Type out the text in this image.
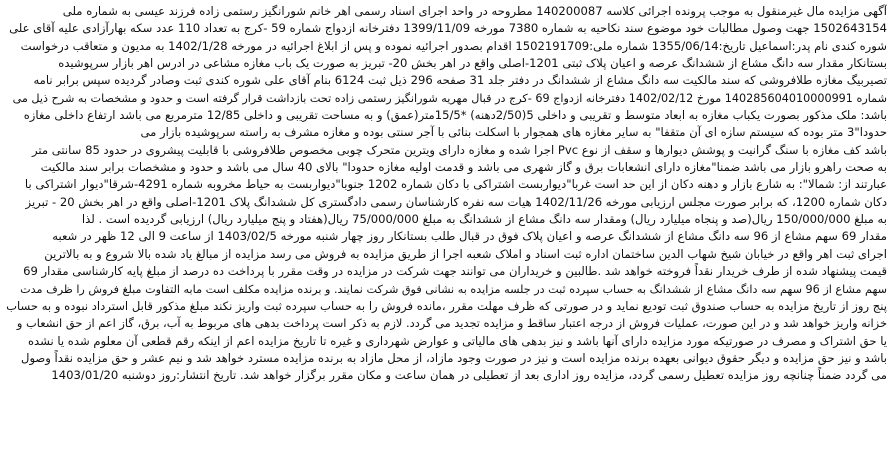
آگهی مزایده مال غیرمنقول به موجب پرونده اجرائی کلاسه 140200087 مطروحه در واحد اجرای اسناد رسمی اهر خانم شورانگیز رستمی زاده فرزند عیسی به شماره ملی
1502643154 جهت وصول مطالبات خود موضوع سند نکاحیه به شماره 7380 مورخه 1399/11/09 دفترخانه ازدواج شماره 59 -کرج به تعداد 110 عدد سکه بهارآزادی علیه آقای علی
شوره کندی نام پدر:اسماعیل تاریخ:1355/06/14 شماره ملی:1502191709 اقدام بصدور اجرائیه نموده و پس از ابلاغ اجرائیه در مورخه 1402/1/28 به مدیون و متعاقب درخواست
بستانکار مقدار سه دانگ مشاع از ششدانگ عرصه و اعیان پلاک ثبتی 1201-اصلی واقع در اهر بخش 20- تبریز به صورت یک باب مغازه مشاعی در ادرس اهر بازار سرپوشیده
تصیربیگ مغازه طلافروشی که سند مالکیت سه دانگ مشاع از ششدانگ در دفتر جلد 31 صفحه 296 ذیل ثبت 6124 بنام آقای علی شوره کندی ثبت وصادر گردیده سپس برابر نامه
شماره 140285604010000991 مورخ 1402/02/12 دفترخانه ازدواج 69 -کرج در قبال مهریه شورانگیز رستمی زاده تحت بازداشت قرار گرفته است و حدود و مشخصات به شرح ذیل می
باشد: ملک مذکور بصورت یکباب مغازه به ابعاد متوسط و تقریبی و داخلی 5(2/50دهنه) *15/5متر(عمق) و به مساحت تقریبی و داخلی 12/85 مترمربع می باشد ارتفاع داخلی مغازه
حدودا"3 متر بوده که سیستم سازه ای آن متقفا" به سایر مغازه های همجوار با اسکلت بنائی با آجر سنتی بوده و مغازه مشرف به راسته سرپوشیده بازار می
باشد کف مغازه با سنگ گرانیت و پوشش دیوارها و سقف از نوع Pvc اجرا شده و مغازه دارای ویترین متحرک چوبی مخصوص طلافروشی با قابلیت پیشروی در حدود 85 سانتی متر
به صحت راهرو بازار می باشد ضمنا"مغازه دارای انشعابات برق و گاز شهری می باشد و قدمت اولیه مغازه حدودا" بالای 40 سال می باشد و حدود و مشخصات برابر سند مالکیت
عبارتند از: شمالا": به شارع بازار و دهنه دکان از این حد است غربا"دیواربست اشتراکی با دکان شماره 1202 جنوبا"دیواربست به حیاط مخروبه شماره 4291-شرقا"دیوار اشتراکی با
دکان شماره 1200، که برابر صورت مجلس ارزیابی مورخه 1402/11/26 هیات سه نفره کارشناسان رسمی دادگستری کل ششدانگ پلاک 1201-اصلی واقع در اهر بخش 20 - تبریز
به مبلغ 150/000/000 ریال(صد و پنجاه میلیارد ریال) ومقدار سه دانگ مشاع از ششدانگ به مبلغ 75/000/000 ریال(هفتاد و پنج میلیارد ریال) ارزیابی گردیده است . لذا
مقدار 69 سهم مشاع از 96 سه دانگ مشاع از ششدانگ عرصه و اعیان پلاک فوق در قبال طلب بستانکار روز چهار شنبه مورخه 1403/02/5 از ساعت 9 الی 12 ظهر در شعبه
اجرای ثبت اهر واقع در خیابان شیخ شهاب الدین ساختمان اداره ثبت اسناد و املاک شعبه اجرا از طریق مزایده به فروش می رسد مزایده از مبالغ یاد شده بالا شروع و به بالاترین
قیمت پیشنهاد شده از طرف خریدار نقداً فروخته خواهد شد .طالبین و خریداران می توانند جهت شرکت در مزایده در وقت مقرر با پرداخت ده درصد از مبلغ پایه کارشناسی مقدار 69
سهم مشاع از 96 سهم سه دانگ مشاع از ششدانگ به حساب سپرده ثبت در جلسه مزایده به نشانی فوق شرکت نمایند. و برنده مزایده مکلف است مابه التفاوت مبلغ فروش را ظرف مدت
پنج روز از تاریخ مزایده به حساب صندوق ثبت تودیع نماید و در صورتی که ظرف مهلت مقرر ،مانده فروش را به حساب سپرده ثبت واریز نکند مبلغ مذکور قابل استرداد نبوده و به حساب
خزانه واریز خواهد شد و در این صورت، عملیات فروش از درجه اعتبار ساقط و مزایده تجدید می گردد. لازم به ذکر است پرداخت بدهی های مربوط به آب، برق، گاز اعم از حق انشعاب و
یا حق اشتراک و مصرف در صورتیکه مورد مزایده دارای آنها باشد و نیز بدهی های مالیاتی و عوارض شهرداری و غیره تا تاریخ مزایده اعم از اینکه رقم قطعی آن معلوم شده یا نشده
باشد و نیز حق مزایده و دیگر حقوق دیوانی بعهده برنده مزایده است و نیز در صورت وجود مازاد، از محل مازاد به برنده مزایده مسترد خواهد شد و نیم عشر و حق مزایده نقداً وصول
می گردد ضمناً چنانچه روز مزایده تعطیل رسمی گردد، مزایده روز اداری بعد از تعطیلی در همان ساعت و مکان مقرر برگزار خواهد شد. تاریخ انتشار:روز دوشنبه 1403/01/20
